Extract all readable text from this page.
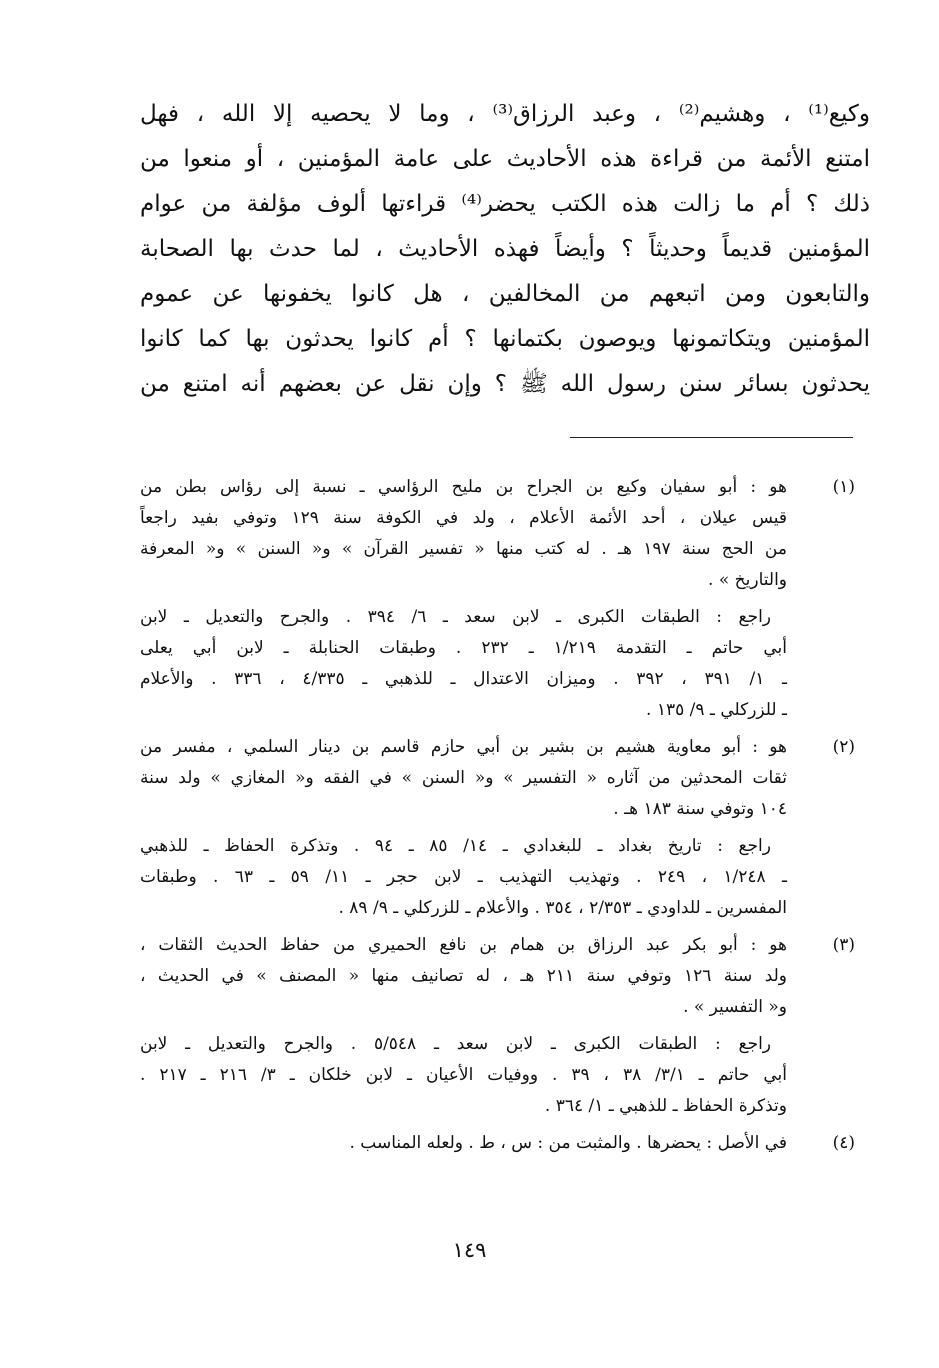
وكيع⁽¹⁾ ، وهشيم⁽²⁾ ، وعبد الرزاق⁽³⁾ ، وما لا يحصيه إلا الله ، فهل
امتنع الأئمة من قراءة هذه الأحاديث على عامة المؤمنين ، أو منعوا من
ذلك ؟ أم ما زالت هذه الكتب يحضر⁽⁴⁾ قراءتها ألوف مؤلفة من عوام
المؤمنين قديماً وحديثاً ؟ وأيضاً فهذه الأحاديث ، لما حدث بها الصحابة
والتابعون ومن اتبعهم من المخالفين ، هل كانوا يخفونها عن عموم
المؤمنين ويتكاتمونها ويوصون بكتمانها ؟ أم كانوا يحدثون بها كما كانوا
يحدثون بسائر سنن رسول الله ﷺ ؟ وإن نقل عن بعضهم أنه امتنع من
(١)
هو : أبو سفيان وكيع بن الجراح بن مليح الرؤاسي ـ نسبة إلى رؤاس بطن من
قيس عيلان ، أحد الأئمة الأعلام ، ولد في الكوفة سنة ١٢٩ وتوفي بفيد راجعاً
من الحج سنة ١٩٧ هـ . له كتب منها « تفسير القرآن » و« السنن » و« المعرفة
والتاريخ » .
راجع : الطبقات الكبرى ـ لابن سعد ـ ٦/ ٣٩٤ . والجرح والتعديل ـ لابن
أبي حاتم ـ التقدمة ١/٢١٩ ـ ٢٣٢ . وطبقات الحنابلة ـ لابن أبي يعلى
ـ ١/ ٣٩١ ، ٣٩٢ . وميزان الاعتدال ـ للذهبي ـ ٤/٣٣٥ ، ٣٣٦ . والأعلام
ـ للزركلي ـ ٩/ ١٣٥ .
(٢)
هو : أبو معاوية هشيم بن بشير بن أبي حازم قاسم بن دينار السلمي ، مفسر من
ثقات المحدثين من آثاره « التفسير » و« السنن » في الفقه و« المغازي » ولد سنة
١٠٤ وتوفي سنة ١٨٣ هـ .
راجع : تاريخ بغداد ـ للبغدادي ـ ١٤/ ٨٥ ـ ٩٤ . وتذكرة الحفاظ ـ للذهبي
ـ ١/٢٤٨ ، ٢٤٩ . وتهذيب التهذيب ـ لابن حجر ـ ١١/ ٥٩ ـ ٦٣ . وطبقات
المفسرين ـ للداودي ـ ٢/٣٥٣ ، ٣٥٤ . والأعلام ـ للزركلي ـ ٩/ ٨٩ .
(٣)
هو : أبو بكر عبد الرزاق بن همام بن نافع الحميري من حفاظ الحديث الثقات ،
ولد سنة ١٢٦ وتوفي سنة ٢١١ هـ ، له تصانيف منها « المصنف » في الحديث ،
و« التفسير » .
راجع : الطبقات الكبرى ـ لابن سعد ـ ٥/٥٤٨ . والجرح والتعديل ـ لابن
أبي حاتم ـ ٣/١/ ٣٨ ، ٣٩ . ووفيات الأعيان ـ لابن خلكان ـ ٣/ ٢١٦ ـ ٢١٧ .
وتذكرة الحفاظ ـ للذهبي ـ ١/ ٣٦٤ .
(٤)
في الأصل : يحضرها . والمثبت من : س ، ط . ولعله المناسب .
١٤٩
